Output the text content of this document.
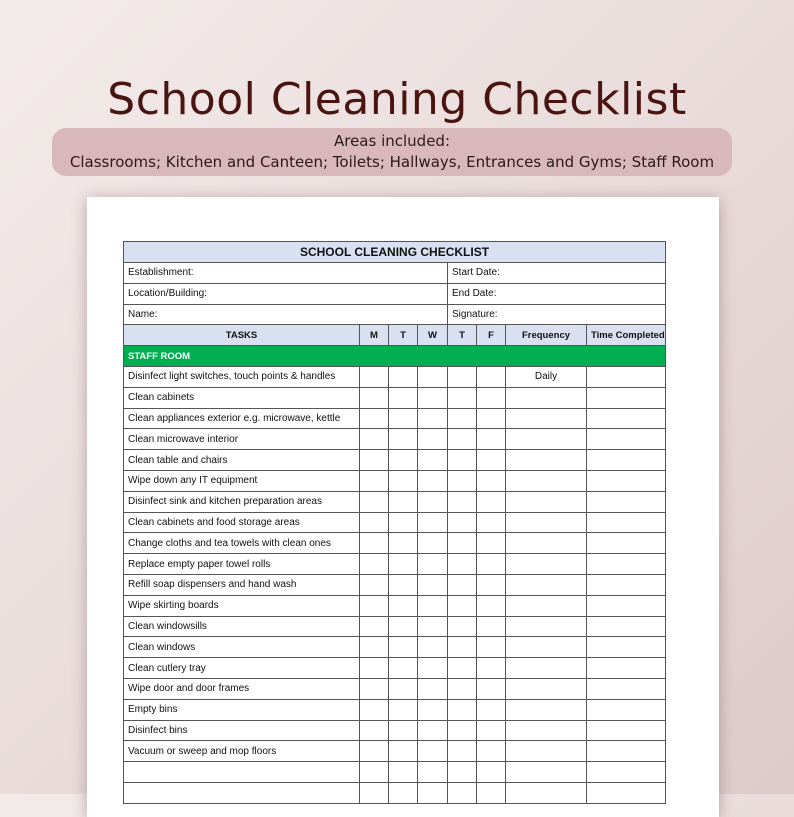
School Cleaning Checklist
Areas included:
Classrooms; Kitchen and Canteen; Toilets; Hallways, Entrances and Gyms; Staff Room
SCHOOL CLEANING CHECKLIST							
Establishment:				Start Date:			
Location/Building:				End Date:			
Name:				Signature:			
TASKS	M	T	W	T	F	Frequency	Time Completed
STAFF ROOM							
Disinfect light switches, touch points & handles						Daily	
Clean cabinets							
Clean appliances exterior e.g. microwave, kettle							
Clean microwave interior							
Clean table and chairs							
Wipe down any IT equipment							
Disinfect sink and kitchen preparation areas							
Clean cabinets and food storage areas							
Change cloths and tea towels with clean ones							
Replace empty paper towel rolls							
Refill soap dispensers and hand wash							
Wipe skirting boards							
Clean windowsills							
Clean windows							
Clean cutlery tray							
Wipe door and door frames							
Empty bins							
Disinfect bins							
Vacuum or sweep and mop floors							
